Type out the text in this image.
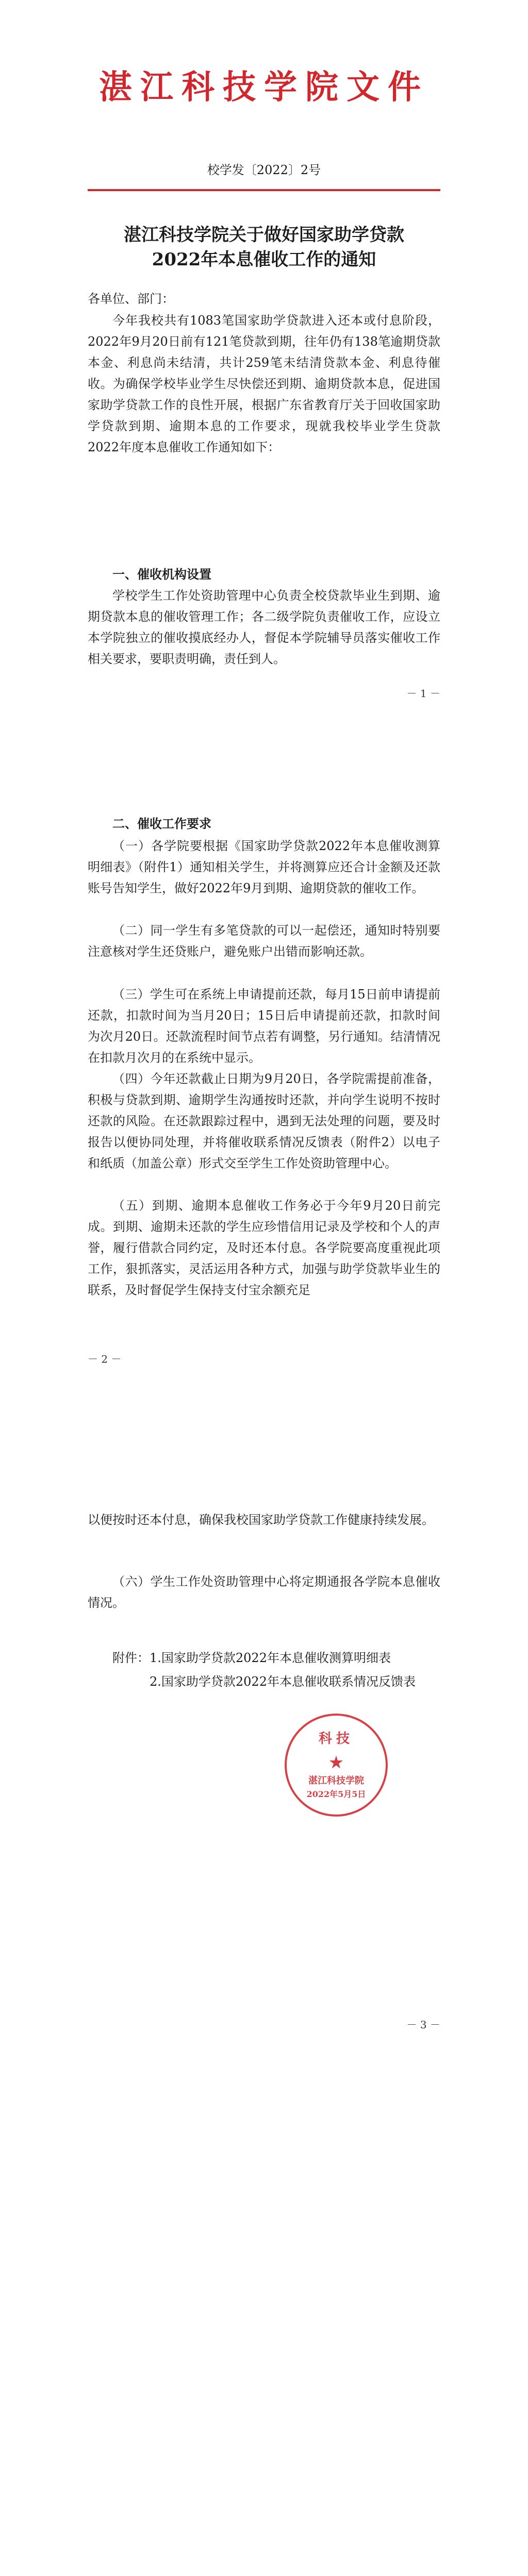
湛江科技学院文件
校学发〔2022〕2号
湛江科技学院关于做好国家助学贷款
2022年本息催收工作的通知
各单位、部门：
今年我校共有1083笔国家助学贷款进入还本或付息阶段，2022年9月20日前有121笔贷款到期，往年仍有138笔逾期贷款本金、利息尚未结清，共计259笔未结清贷款本金、利息待催收。为确保学校毕业学生尽快偿还到期、逾期贷款本息，促进国家助学贷款工作的良性开展，根据广东省教育厅关于回收国家助学贷款到期、逾期本息的工作要求，现就我校毕业学生贷款2022年度本息催收工作通知如下：
一、催收机构设置
学校学生工作处资助管理中心负责全校贷款毕业生到期、逾期贷款本息的催收管理工作；各二级学院负责催收工作，应设立本学院独立的催收摸底经办人，督促本学院辅导员落实催收工作相关要求，要职责明确，责任到人。
－ 1 －
二、催收工作要求
（一）各学院要根据《国家助学贷款2022年本息催收测算明细表》（附件1）通知相关学生，并将测算应还合计金额及还款账号告知学生，做好2022年9月到期、逾期贷款的催收工作。
（二）同一学生有多笔贷款的可以一起偿还，通知时特别要注意核对学生还贷账户，避免账户出错而影响还款。
（三）学生可在系统上申请提前还款，每月15日前申请提前还款，扣款时间为当月20日；15日后申请提前还款，扣款时间为次月20日。还款流程时间节点若有调整，另行通知。结清情况在扣款月次月的在系统中显示。
（四）今年还款截止日期为9月20日，各学院需提前准备，积极与贷款到期、逾期学生沟通按时还款，并向学生说明不按时还款的风险。在还款跟踪过程中，遇到无法处理的问题，要及时报告以便协同处理，并将催收联系情况反馈表（附件2）以电子和纸质（加盖公章）形式交至学生工作处资助管理中心。
（五）到期、逾期本息催收工作务必于今年9月20日前完成。到期、逾期未还款的学生应珍惜信用记录及学校和个人的声誉，履行借款合同约定，及时还本付息。各学院要高度重视此项工作，狠抓落实，灵活运用各种方式，加强与助学贷款毕业生的联系，及时督促学生保持支付宝余额充足
－ 2 －
以便按时还本付息，确保我校国家助学贷款工作健康持续发展。
（六）学生工作处资助管理中心将定期通报各学院本息催收情况。
附件：1.国家助学贷款2022年本息催收测算明细表
2.国家助学贷款2022年本息催收联系情况反馈表
科技
★
湛江科技学院
2022年5月5日
－ 3 －
